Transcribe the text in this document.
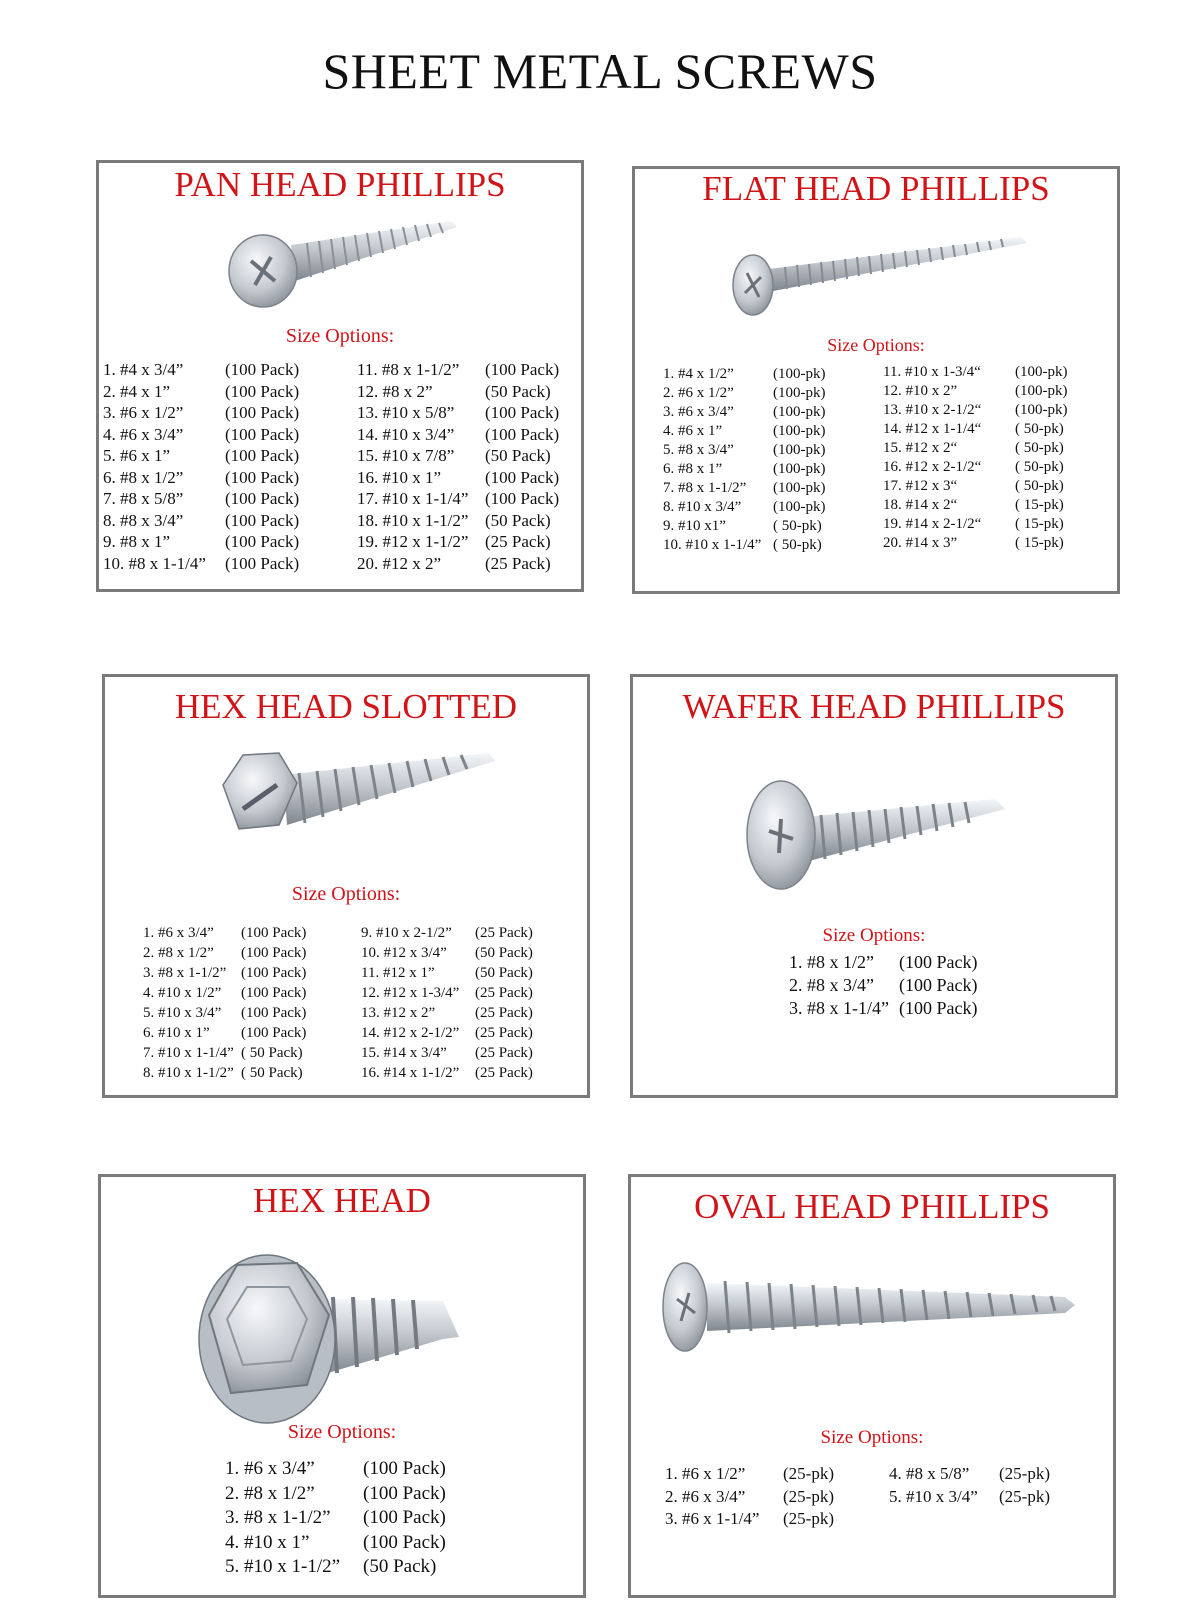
SHEET METAL SCREWS
PAN HEAD PHILLIPS
Size Options:
1. #4 x 3/4”	(100 Pack)
2. #4 x 1”	(100 Pack)
3. #6 x 1/2”	(100 Pack)
4. #6 x 3/4”	(100 Pack)
5. #6 x 1”	(100 Pack)
6. #8 x 1/2”	(100 Pack)
7. #8 x 5/8”	(100 Pack)
8. #8 x 3/4”	(100 Pack)
9. #8 x 1”	(100 Pack)
10. #8 x 1-1/4”	(100 Pack)
11. #8 x 1-1/2”	(100 Pack)
12. #8 x 2”	(50 Pack)
13. #10 x 5/8”	(100 Pack)
14. #10 x 3/4”	(100 Pack)
15. #10 x 7/8”	(50 Pack)
16. #10 x 1”	(100 Pack)
17. #10 x 1-1/4” (100 Pack)
18. #10 x 1-1/2” (50 Pack)
19. #12 x 1-1/2” (25 Pack)
20. #12 x 2”	(25 Pack)
FLAT HEAD PHILLIPS
Size Options:
1. #4 x 1/2”	(100-pk)
2. #6 x 1/2”	(100-pk)
3. #6 x 3/4”	(100-pk)
4. #6 x 1”	(100-pk)
5. #8 x 3/4”	(100-pk)
6. #8 x 1”	(100-pk)
7. #8 x 1-1/2”	(100-pk)
8. #10 x 3/4”	(100-pk)
9. #10 x1”	( 50-pk)
10. #10 x 1-1/4” ( 50-pk)
11. #10 x 1-3/4“	(100-pk)
12. #10 x 2”	(100-pk)
13. #10 x 2-1/2“	(100-pk)
14. #12 x 1-1/4“	( 50-pk)
15. #12 x 2“	( 50-pk)
16. #12 x 2-1/2“	( 50-pk)
17. #12 x 3“	( 50-pk)
18. #14 x 2“	( 15-pk)
19. #14 x 2-1/2“	( 15-pk)
20. #14 x 3”	( 15-pk)
HEX HEAD SLOTTED
Size Options:
1. #6 x 3/4”	(100 Pack)
2. #8 x 1/2”	(100 Pack)
3. #8 x 1-1/2” (100 Pack)
4. #10 x 1/2”	(100 Pack)
5. #10 x 3/4”	(100 Pack)
6. #10 x 1”	(100 Pack)
7. #10 x 1-1/4” ( 50 Pack)
8. #10 x 1-1/2” ( 50 Pack)
9. #10 x 2-1/2”	(25 Pack)
10. #12 x 3/4”	(50 Pack)
11. #12 x 1”	(50 Pack)
12. #12 x 1-3/4”	(25 Pack)
13. #12 x 2”	(25 Pack)
14. #12 x 2-1/2”	(25 Pack)
15. #14 x 3/4”	(25 Pack)
16. #14 x 1-1/2”	(25 Pack)
WAFER HEAD PHILLIPS
Size Options:
1. #8 x 1/2”	(100 Pack)
2. #8 x 3/4”	(100 Pack)
3. #8 x 1-1/4” (100 Pack)
HEX HEAD
Size Options:
1. #6 x 3/4”	(100 Pack)
2. #8 x 1/2”	(100 Pack)
3. #8 x 1-1/2”	(100 Pack)
4. #10 x 1”	(100 Pack)
5. #10 x 1-1/2”	(50 Pack)
OVAL HEAD PHILLIPS
Size Options:
1. #6 x 1/2”	(25-pk)
2. #6 x 3/4”	(25-pk)
3. #6 x 1-1/4”	(25-pk)
4. #8 x 5/8”	(25-pk)
5. #10 x 3/4”	(25-pk)
